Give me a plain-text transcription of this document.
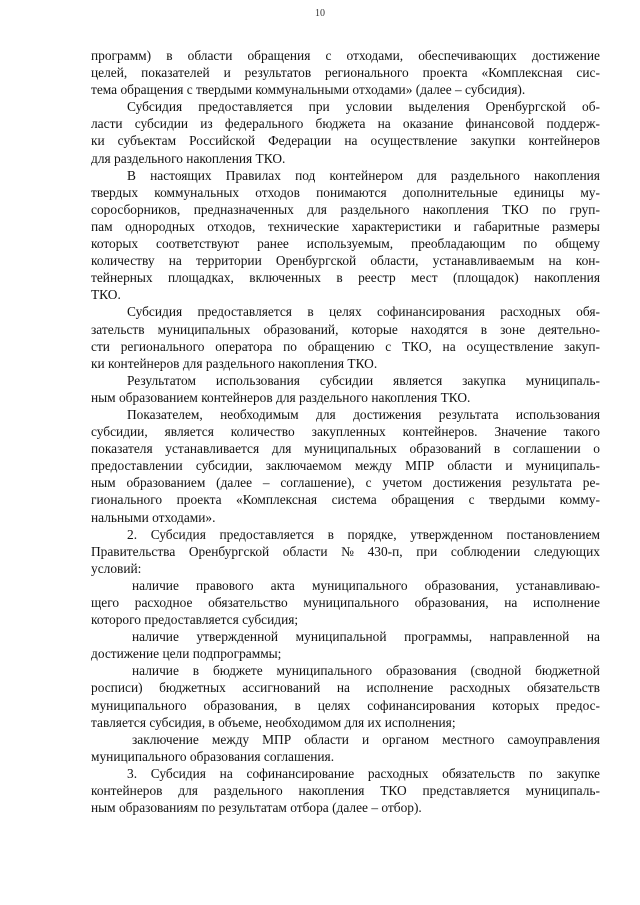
10
программ) в области обращения с отходами, обеспечивающих достижение
целей, показателей и результатов регионального проекта «Комплексная сис-
тема обращения с твердыми коммунальными отходами» (далее – субсидия).
Субсидия предоставляется при условии выделения Оренбургской об-
ласти субсидии из федерального бюджета на оказание финансовой поддерж-
ки субъектам Российской Федерации на осуществление закупки контейнеров
для раздельного накопления ТКО.
В настоящих Правилах под контейнером для раздельного накопления
твердых коммунальных отходов понимаются дополнительные единицы му-
соросборников, предназначенных для раздельного накопления ТКО по груп-
пам однородных отходов, технические характеристики и габаритные размеры
которых соответствуют ранее используемым, преобладающим по общему
количеству на территории Оренбургской области, устанавливаемым на кон-
тейнерных площадках, включенных в реестр мест (площадок) накопления
ТКО.
Субсидия предоставляется в целях софинансирования расходных обя-
зательств муниципальных образований, которые находятся в зоне деятельно-
сти регионального оператора по обращению с ТКО, на осуществление закуп-
ки контейнеров для раздельного накопления ТКО.
Результатом использования субсидии является закупка муниципаль-
ным образованием контейнеров для раздельного накопления ТКО.
Показателем, необходимым для достижения результата использования
субсидии, является количество закупленных контейнеров. Значение такого
показателя устанавливается для муниципальных образований в соглашении о
предоставлении субсидии, заключаемом между МПР области и муниципаль-
ным образованием (далее – соглашение), с учетом достижения результата ре-
гионального проекта «Комплексная система обращения с твердыми комму-
нальными отходами».
2. Субсидия предоставляется в порядке, утвержденном постановлением
Правительства Оренбургской области № 430-п, при соблюдении следующих
условий:
наличие правового акта муниципального образования, устанавливаю-
щего расходное обязательство муниципального образования, на исполнение
которого предоставляется субсидия;
наличие утвержденной муниципальной программы, направленной на
достижение цели подпрограммы;
наличие в бюджете муниципального образования (сводной бюджетной
росписи) бюджетных ассигнований на исполнение расходных обязательств
муниципального образования, в целях софинансирования которых предос-
тавляется субсидия, в объеме, необходимом для их исполнения;
заключение между МПР области и органом местного самоуправления
муниципального образования соглашения.
3. Субсидия на софинансирование расходных обязательств по закупке
контейнеров для раздельного накопления ТКО представляется муниципаль-
ным образованиям по результатам отбора (далее – отбор).
